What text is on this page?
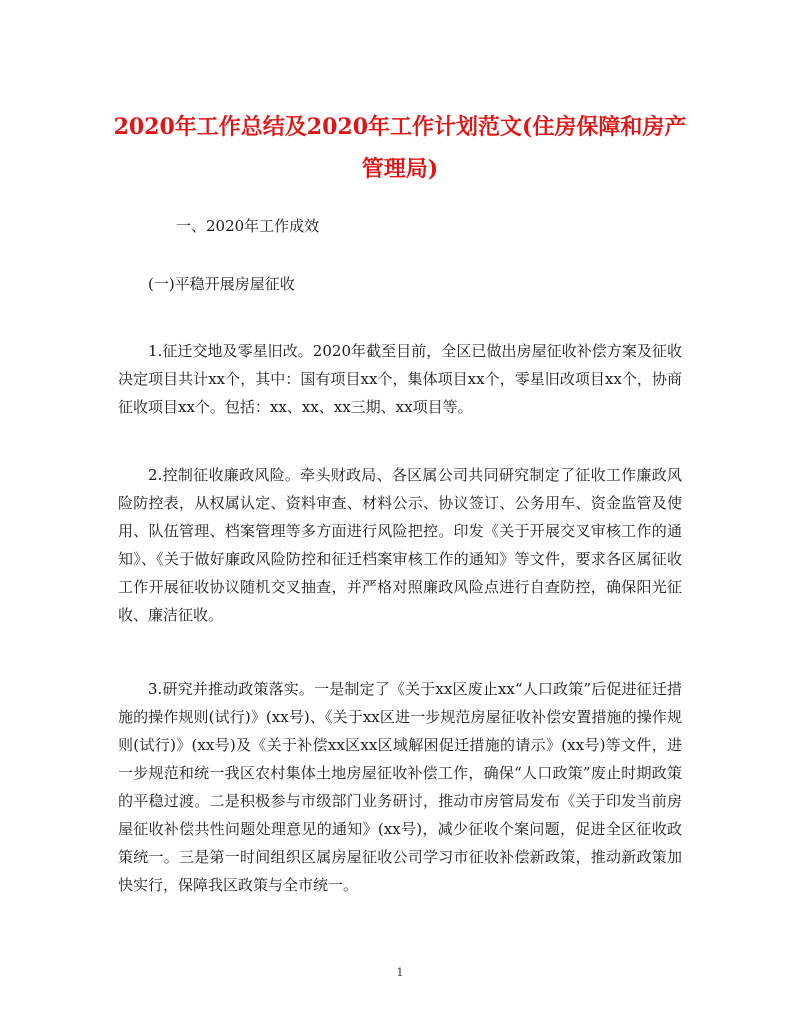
2020年工作总结及2020年工作计划范文(住房保障和房产管理局)
一、2020年工作成效
(一)平稳开展房屋征收
1.征迁交地及零星旧改。2020年截至目前，全区已做出房屋征收补偿方案及征收决定项目共计xx个，其中：国有项目xx个，集体项目xx个，零星旧改项目xx个，协商征收项目xx个。包括：xx、xx、xx三期、xx项目等。
2.控制征收廉政风险。牵头财政局、各区属公司共同研究制定了征收工作廉政风险防控表，从权属认定、资料审查、材料公示、协议签订、公务用车、资金监管及使用、队伍管理、档案管理等多方面进行风险把控。印发《关于开展交叉审核工作的通知》、《关于做好廉政风险防控和征迁档案审核工作的通知》等文件，要求各区属征收工作开展征收协议随机交叉抽查，并严格对照廉政风险点进行自查防控，确保阳光征收、廉洁征收。
3.研究并推动政策落实。一是制定了《关于xx区废止xx“人口政策”后促进征迁措施的操作规则(试行)》(xx号)、《关于xx区进一步规范房屋征收补偿安置措施的操作规则(试行)》(xx号)及《关于补偿xx区xx区域解困促迁措施的请示》(xx号)等文件，进一步规范和统一我区农村集体土地房屋征收补偿工作，确保“人口政策”废止时期政策的平稳过渡。二是积极参与市级部门业务研讨，推动市房管局发布《关于印发当前房屋征收补偿共性问题处理意见的通知》(xx号)，减少征收个案问题，促进全区征收政策统一。三是第一时间组织区属房屋征收公司学习市征收补偿新政策，推动新政策加快实行，保障我区政策与全市统一。
1
